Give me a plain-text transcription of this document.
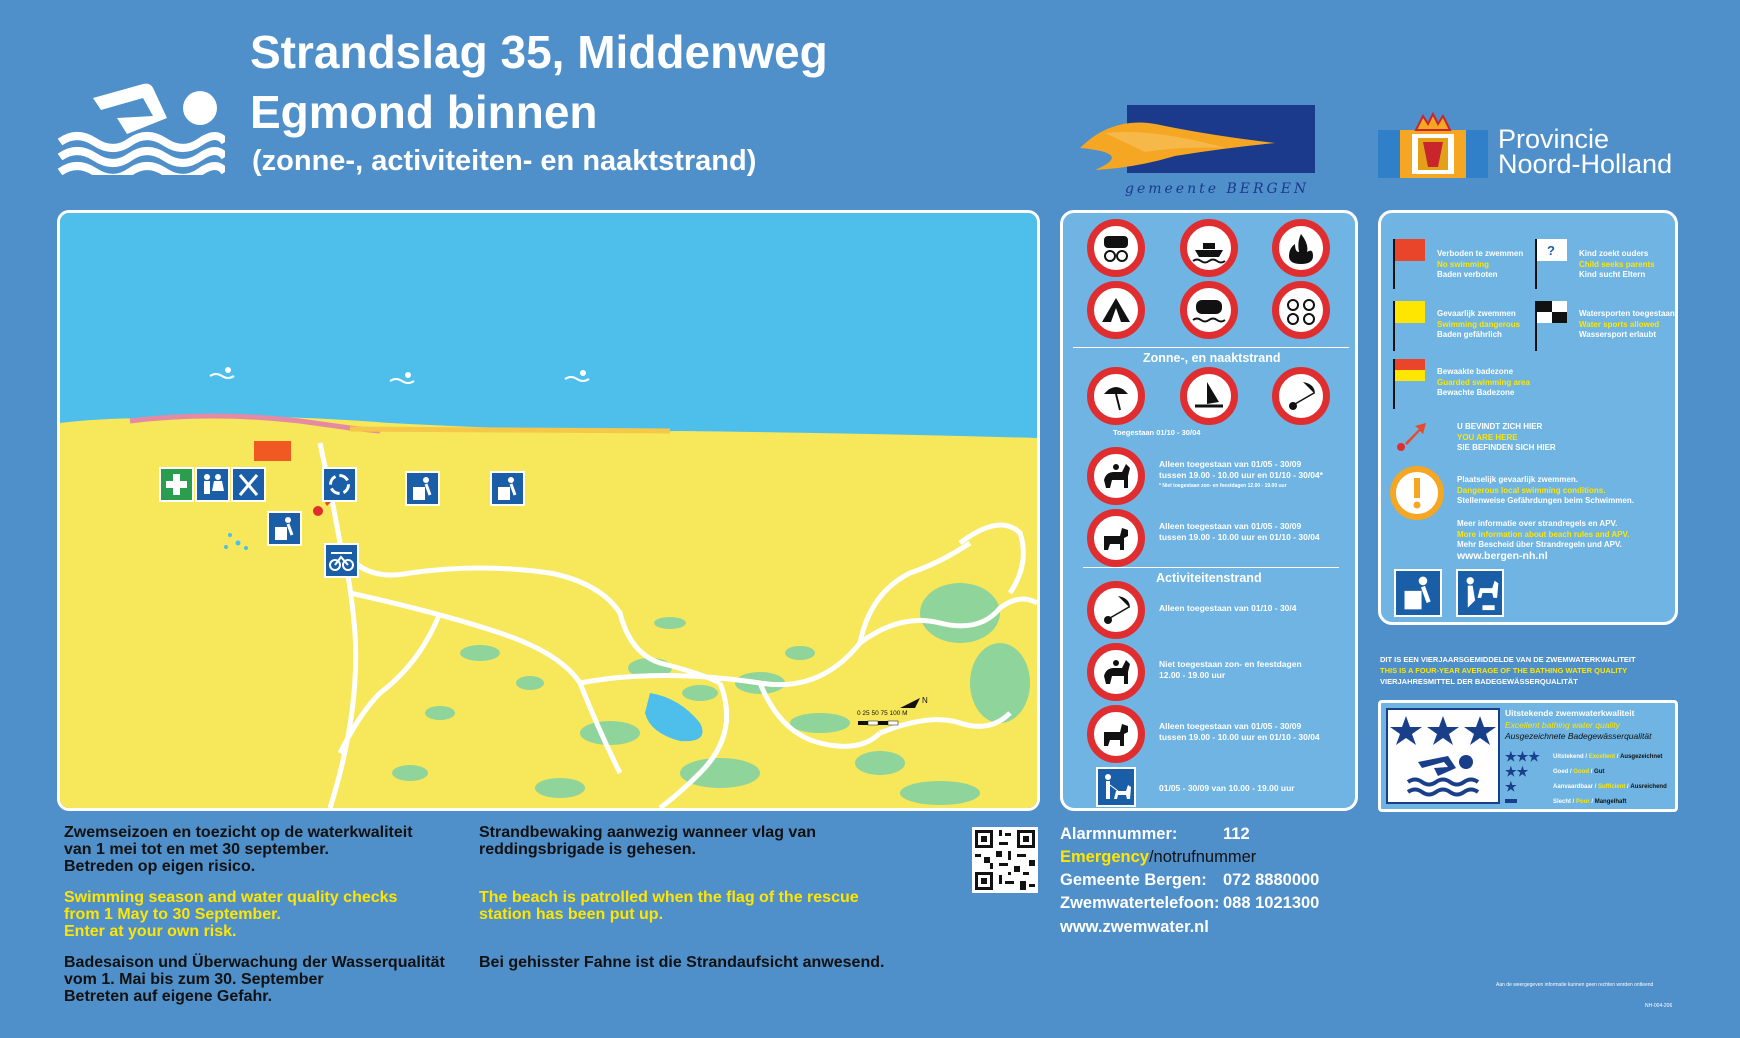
Strandslag 35, Middenweg
Egmond binnen
(zonne-, activiteiten- en naaktstrand)
gemeente BERGEN
Provincie
Noord-Holland
N
0 25 50 75 100 M
Zonne-, en naaktstrand
Toegestaan 01/10 - 30/04
Alleen toegestaan van 01/05 - 30/09
tussen 19.00 - 10.00 uur en 01/10 - 30/04*
* Niet toegestaan zon- en feestdagen 12.00 - 19.00 uur
Alleen toegestaan van 01/05 - 30/09
tussen 19.00 - 10.00 uur en 01/10 - 30/04
Activiteitenstrand
Alleen toegestaan van 01/10 - 30/4
Niet toegestaan zon- en feestdagen
12.00 - 19.00 uur
Alleen toegestaan van 01/05 - 30/09
tussen 19.00 - 10.00 uur en 01/10 - 30/04
01/05 - 30/09 van 10.00 - 19.00 uur
Verboden te zwemmen
No swimming
Baden verboten
?	Kind zoekt ouders
Child seeks parents
Kind sucht Eltern
Gevaarlijk zwemmen
Swimming dangerous
Baden gefährlich
Watersporten toegestaan
Water sports allowed
Wassersport erlaubt
Bewaakte badezone
Guarded swimming area
Bewachte Badezone
U BEVINDT ZICH HIER
YOU ARE HERE
SIE BEFINDEN SICH HIER
Plaatselijk gevaarlijk zwemmen.
Dangerous local swimming conditions.
Stellenweise Gefährdungen beim Schwimmen.
Meer informatie over strandregels en APV.
More information about beach rules and APV.
Mehr Bescheid über Strandregeln und APV.
www.bergen-nh.nl
DIT IS EEN VIERJAARSGEMIDDELDE VAN DE ZWEMWATERKWALITEIT
THIS IS A FOUR-YEAR AVERAGE OF THE BATHING WATER QUALITY
VIERJAHRESMITTEL DER BADEGEWÄSSERQUALITÄT
Uitstekende zwemwaterkwaliteit
Excellent bathing water quality
Ausgezeichnete Badegewässerqualität
★★★	Uitstekend / Excellent / Ausgezeichnet
★★	Goed / Good / Gut
★	Aanvaardbaar / Sufficient / Ausreichend
Slecht / Poor / Mangelhaft
Zwemseizoen en toezicht op de waterkwaliteit
van 1 mei tot en met 30 september.
Betreden op eigen risico.
Swimming season and water quality checks
from 1 May to 30 September.
Enter at your own risk.
Badesaison und Überwachung der Wasserqualität
vom 1. Mai bis zum 30. September
Betreten auf eigene Gefahr.
Strandbewaking aanwezig wanneer vlag van
reddingsbrigade is gehesen.
The beach is patrolled when the flag of the rescue
station has been put up.
Bei gehisster Fahne ist die Strandaufsicht anwesend.
Alarmnummer:	112
Emergency/notrufnummer
Gemeente Bergen: 072 8880000
Zwemwatertelefoon: 088 1021300
www.zwemwater.nl
Aan de weergegeven informatie kunnen geen rechten worden ontleend
NH-004-206
